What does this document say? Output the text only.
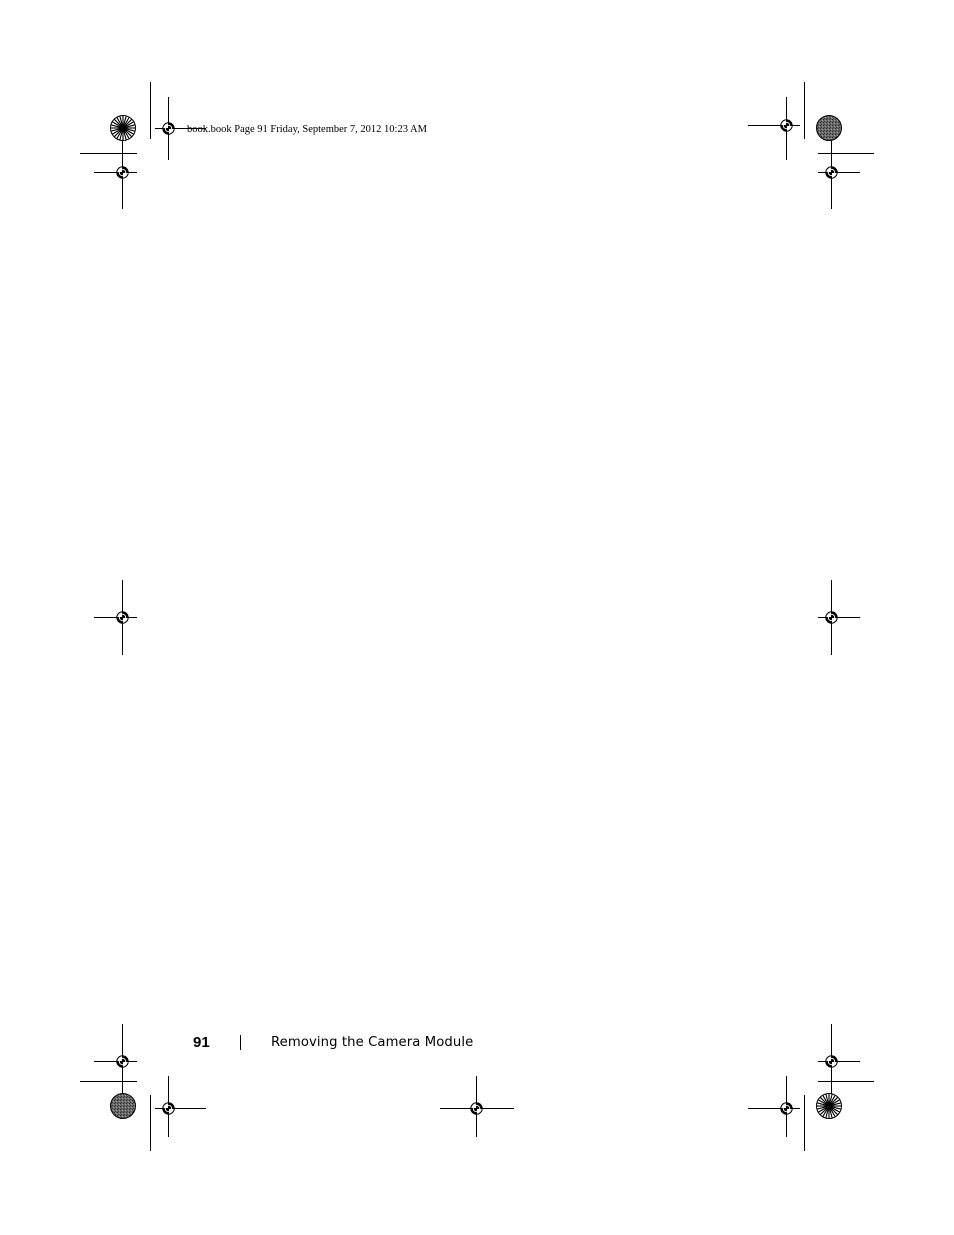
book.book Page 91 Friday, September 7, 2012 10:23 AM
91	Removing the Camera Module
